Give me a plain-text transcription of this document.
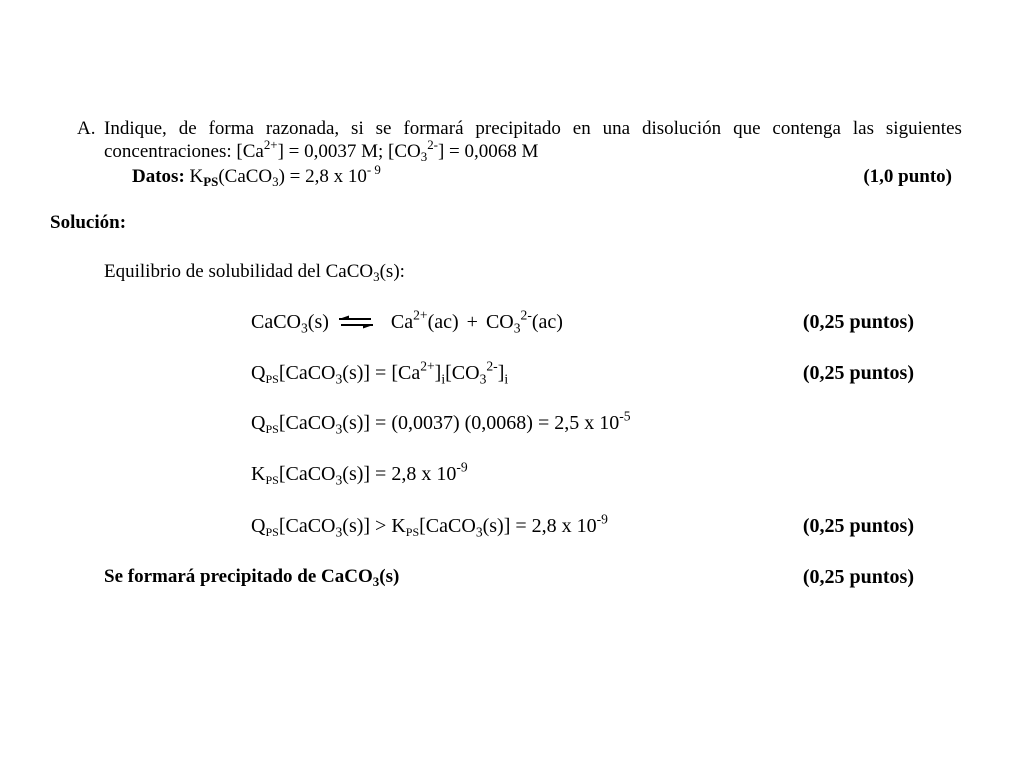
A. Indique, de forma razonada, si se formará precipitado en una disolución que contenga las siguientes
concentraciones: $[Ca^{2+}] = 0,0037$ M; $[CO_3^{2-}] = 0,0068$ M
Datos: $K_{PS}(CaCO_3) = 2,8$ x $10^{- 9}$	(1,0 punto)
Solución:
Equilibrio de solubilidad del CaCO$_3$(s):
CaCO$_3$(s) ⇌ $Ca^{2+}(ac) + CO_3^{2-}(ac)$	(0,25 puntos)
$Q_{PS}[CaCO_3(s)] = [Ca^{2+}]_i[CO_3^{2-}]_i$	(0,25 puntos)
$Q_{PS}[CaCO_3(s)] = (0,0037) (0,0068) = 2,5$ x $10^{-5}$
$K_{PS}[CaCO_3(s)] = 2,8$ x $10^{-9}$
$Q_{PS}[CaCO_3(s)]$ > $K_{PS}[CaCO_3(s)] = 2,8$ x $10^{-9}$	(0,25 puntos)
Se formará precipitado de CaCO$_3$(s)	(0,25 puntos)
